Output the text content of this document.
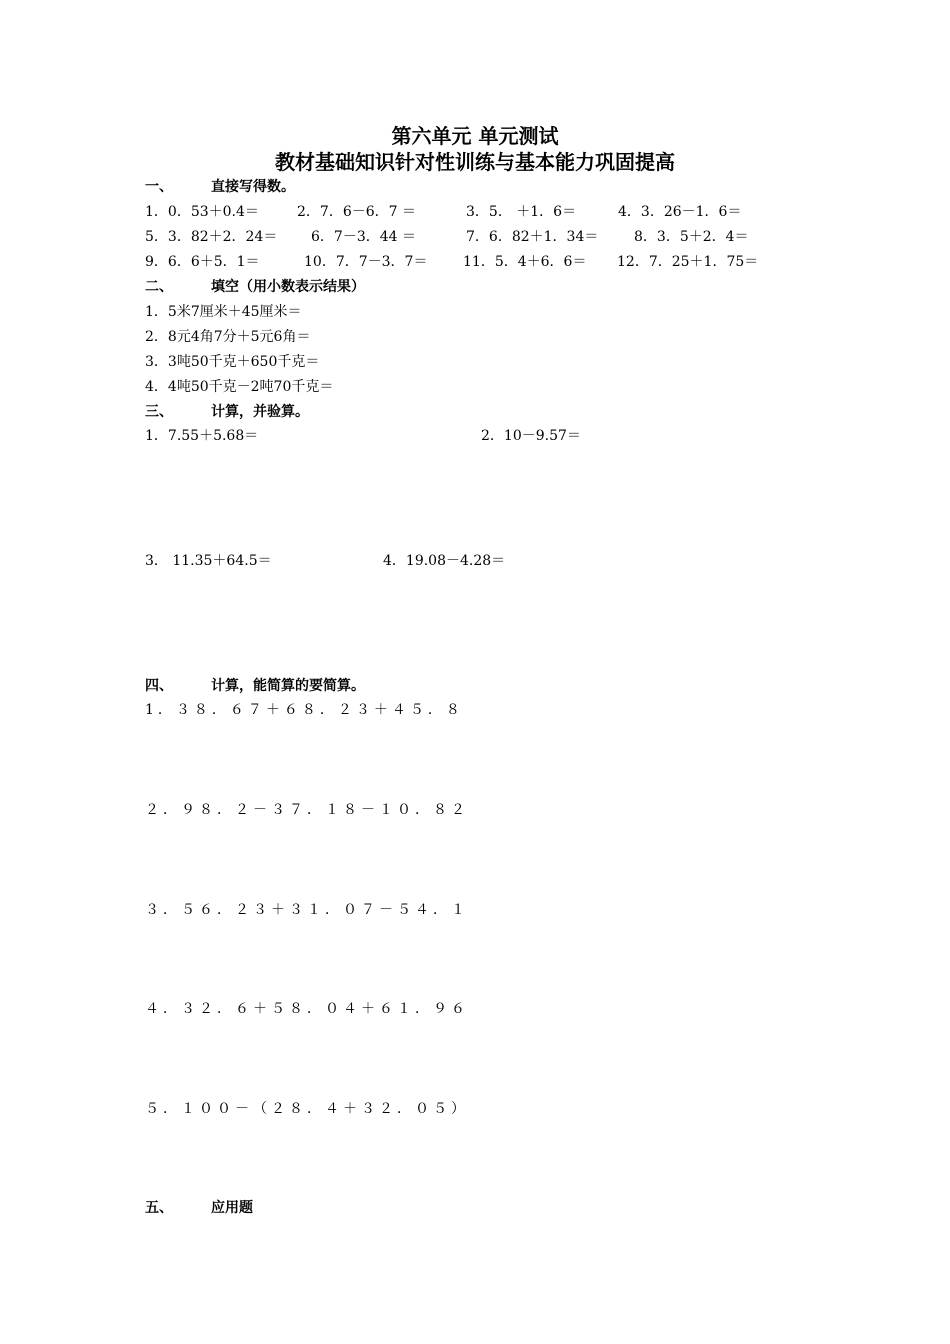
第六单元 单元测试
教材基础知识针对性训练与基本能力巩固提高
一、	直接写得数。
1．0．53＋0.4＝	2．7．6－6．7 ＝	3．5． ＋1．6＝	4．3．26－1．6＝
5．3．82＋2．24＝ 6．7－3．44 ＝	7．6．82＋1．34＝	8．3．5＋2．4＝
9．6．6＋5．1＝	10．7．7－3．7＝	11．5．4＋6．6＝ 12．7．25＋1．75＝
二、	填空（用小数表示结果）
1．5米7厘米＋45厘米＝
2．8元4角7分＋5元6角＝
3．3吨50千克＋650千克＝
4．4吨50千克－2吨70千克＝
三、	计算，并验算。
1．7.55＋5.68＝	2．10－9.57＝
3． 11.35＋64.5＝	4．19.08－4.28＝
四、	计算，能简算的要简算。
1．３８．６７＋６８．２３＋４５．８
２．９８．２－３７．１８－１０．８２
３．５６．２３＋３１．０７－５４．１
４．３２．６＋５８．０４＋６１．９６
５．１００－（２８．４＋３２．０５）
五、	应用题
